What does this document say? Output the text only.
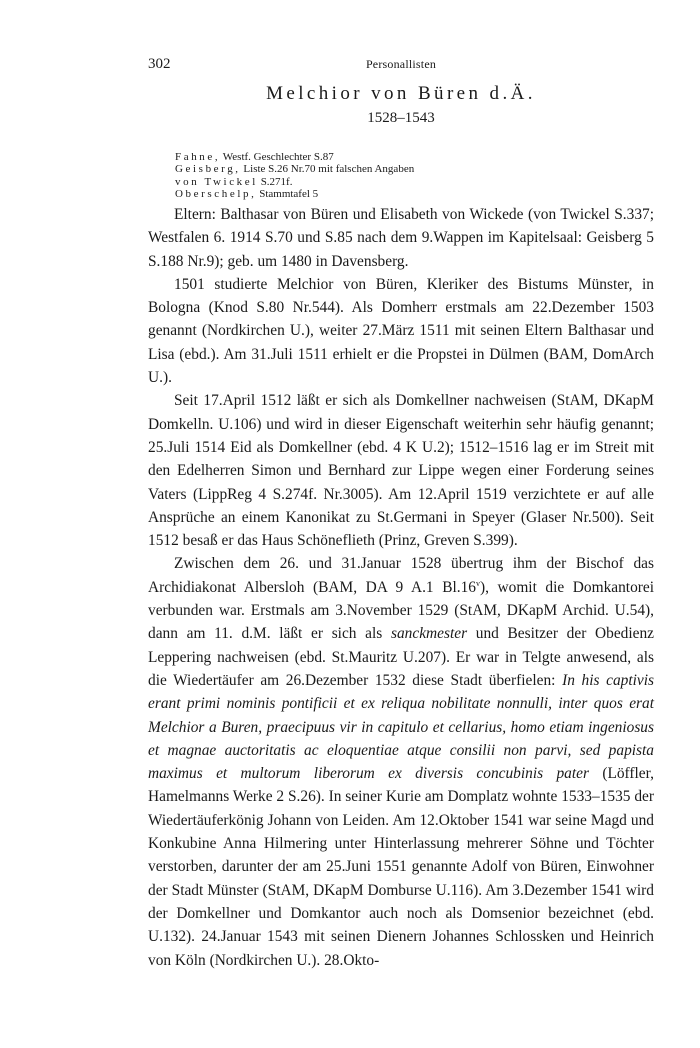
302	Personallisten
Melchior von Büren d.Ä.
1528–1543
Fahne, Westf. Geschlechter S.87
Geisberg, Liste S.26 Nr.70 mit falschen Angaben
von Twickel S.271f.
Oberschelp, Stammtafel 5

Eltern: Balthasar von Büren und Elisabeth von Wickede (von Twickel S.337; Westfalen 6. 1914 S.70 und S.85 nach dem 9.Wappen im Kapitelsaal: Geisberg 5 S.188 Nr.9); geb. um 1480 in Davensberg.

1501 studierte Melchior von Büren, Kleriker des Bistums Münster, in Bologna (Knod S.80 Nr.544). Als Domherr erstmals am 22.Dezember 1503 genannt (Nordkirchen U.), weiter 27.März 1511 mit seinen Eltern Balthasar und Lisa (ebd.). Am 31.Juli 1511 erhielt er die Propstei in Dülmen (BAM, DomArch U.).

Seit 17.April 1512 läßt er sich als Domkellner nachweisen (StAM, DKapM Domkelln. U.106) und wird in dieser Eigenschaft weiterhin sehr häufig genannt; 25.Juli 1514 Eid als Domkellner (ebd. 4 K U.2); 1512–1516 lag er im Streit mit den Edelherren Simon und Bernhard zur Lippe wegen einer Forderung seines Vaters (LippReg 4 S.274f. Nr.3005). Am 12.April 1519 verzichtete er auf alle Ansprüche an einem Kanonikat zu St.Germani in Speyer (Glaser Nr.500). Seit 1512 besaß er das Haus Schöneflieth (Prinz, Greven S.399).

Zwischen dem 26. und 31.Januar 1528 übertrug ihm der Bischof das Archidiakonat Albersloh (BAM, DA 9 A.1 Bl.16$^v$), womit die Domkantorei verbunden war. Erstmals am 3.November 1529 (StAM, DKapM Archid. U.54), dann am 11. d.M. läßt er sich als sanckmester und Besitzer der Obedienz Leppering nachweisen (ebd. St.Mauritz U.207). Er war in Telgte anwesend, als die Wiedertäufer am 26.Dezember 1532 diese Stadt überfielen: In his captivis erant primi nominis pontificii et ex reliqua nobilitate nonnulli, inter quos erat Melchior a Buren, praecipuus vir in capitulo et cellarius, homo etiam ingeniosus et magnae auctoritatis ac eloquentiae atque consilii non parvi, sed papista maximus et multorum liberorum ex diversis concubinis pater (Löffler, Hamelmanns Werke 2 S.26). In seiner Kurie am Domplatz wohnte 1533–1535 der Wiedertäuferkönig Johann von Leiden. Am 12.Oktober 1541 war seine Magd und Konkubine Anna Hilmering unter Hinterlassung mehrerer Söhne und Töchter verstorben, darunter der am 25.Juni 1551 genannte Adolf von Büren, Einwohner der Stadt Münster (StAM, DKapM Domburse U.116). Am 3.Dezember 1541 wird der Domkellner und Domkantor auch noch als Domsenior bezeichnet (ebd. U.132). 24.Januar 1543 mit seinen Dienern Johannes Schlossken und Heinrich von Köln (Nordkirchen U.). 28.Okto-
